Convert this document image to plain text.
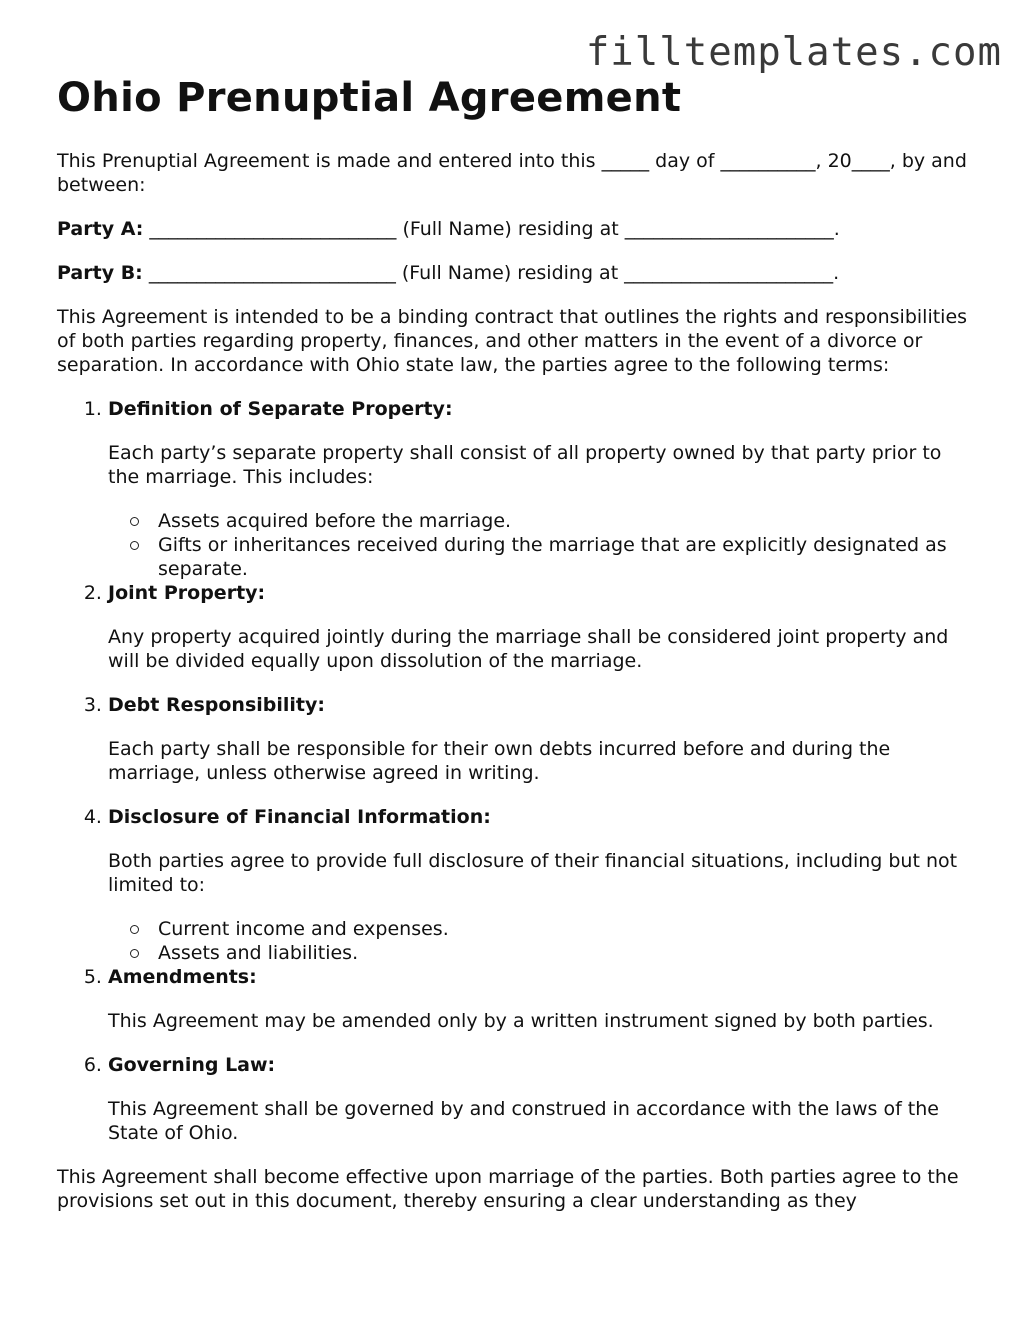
filltemplates.com
Ohio Prenuptial Agreement

This Prenuptial Agreement is made and entered into this _____ day of __________, 20____, by and between:

Party A: __________________________ (Full Name) residing at ______________________.

Party B: __________________________ (Full Name) residing at ______________________.

This Agreement is intended to be a binding contract that outlines the rights and responsibilities of both parties regarding property, finances, and other matters in the event of a divorce or separation. In accordance with Ohio state law, the parties agree to the following terms:

1. Definition of Separate Property:

Each party’s separate property shall consist of all property owned by that party prior to the marriage. This includes:

Assets acquired before the marriage.
Gifts or inheritances received during the marriage that are explicitly designated as separate.
2. Joint Property:

Any property acquired jointly during the marriage shall be considered joint property and will be divided equally upon dissolution of the marriage.

3. Debt Responsibility:

Each party shall be responsible for their own debts incurred before and during the marriage, unless otherwise agreed in writing.

4. Disclosure of Financial Information:

Both parties agree to provide full disclosure of their financial situations, including but not limited to:

Current income and expenses.
Assets and liabilities.
5. Amendments:

This Agreement may be amended only by a written instrument signed by both parties.

6. Governing Law:

This Agreement shall be governed by and construed in accordance with the laws of the State of Ohio.

This Agreement shall become effective upon marriage of the parties. Both parties agree to the provisions set out in this document, thereby ensuring a clear understanding as they
